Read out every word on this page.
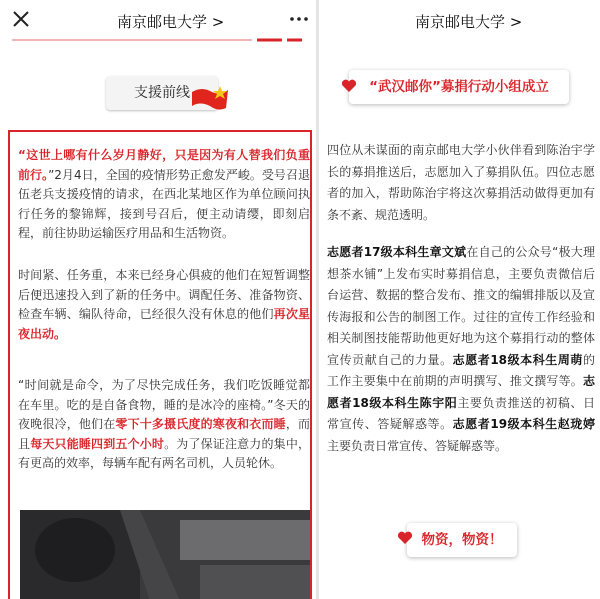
南京邮电大学 >
支援前线

“这世上哪有什么岁月静好，只是因为有人替我们负重前行。”2月4日，全国的疫情形势正愈发严峻。受号召退伍老兵支援疫情的请求，在西北某地区作为单位顾问执行任务的黎锦辉，接到号召后，便主动请缨，即刻启程，前往协助运输医疗用品和生活物资。

时间紧、任务重，本来已经身心俱疲的他们在短暂调整后便迅速投入到了新的任务中。调配任务、准备物资、检查车辆、编队待命，已经很久没有休息的他们再次星夜出动。

“时间就是命令，为了尽快完成任务，我们吃饭睡觉都在车里。吃的是自备食物，睡的是冰冷的座椅。”冬天的夜晚很冷，他们在零下十多摄氏度的寒夜和衣而睡，而且每天只能睡四到五个小时。为了保证注意力的集中，有更高的效率，每辆车配有两名司机，人员轮休。

南京邮电大学 >
“武汉邮你”募捐行动小组成立
四位从未谋面的南京邮电大学小伙伴看到陈治宇学长的募捐推送后，志愿加入了募捐队伍。四位志愿者的加入，帮助陈治宇将这次募捐活动做得更加有条不紊、规范透明。
志愿者17级本科生章文斌在自己的公众号“极大理想茶水铺”上发布实时募捐信息，主要负责微信后台运营、数据的整合发布、推文的编辑排版以及宣传海报和公告的制图工作。过往的宣传工作经验和相关制图技能帮助他更好地为这个募捐行动的整体宣传贡献自己的力量。志愿者18级本科生周萌的工作主要集中在前期的声明撰写、推文撰写等。志愿者18级本科生陈宇阳主要负责推送的初稿、日常宣传、答疑解惑等。志愿者19级本科生赵珑婷主要负责日常宣传、答疑解惑等。
物资，物资！
